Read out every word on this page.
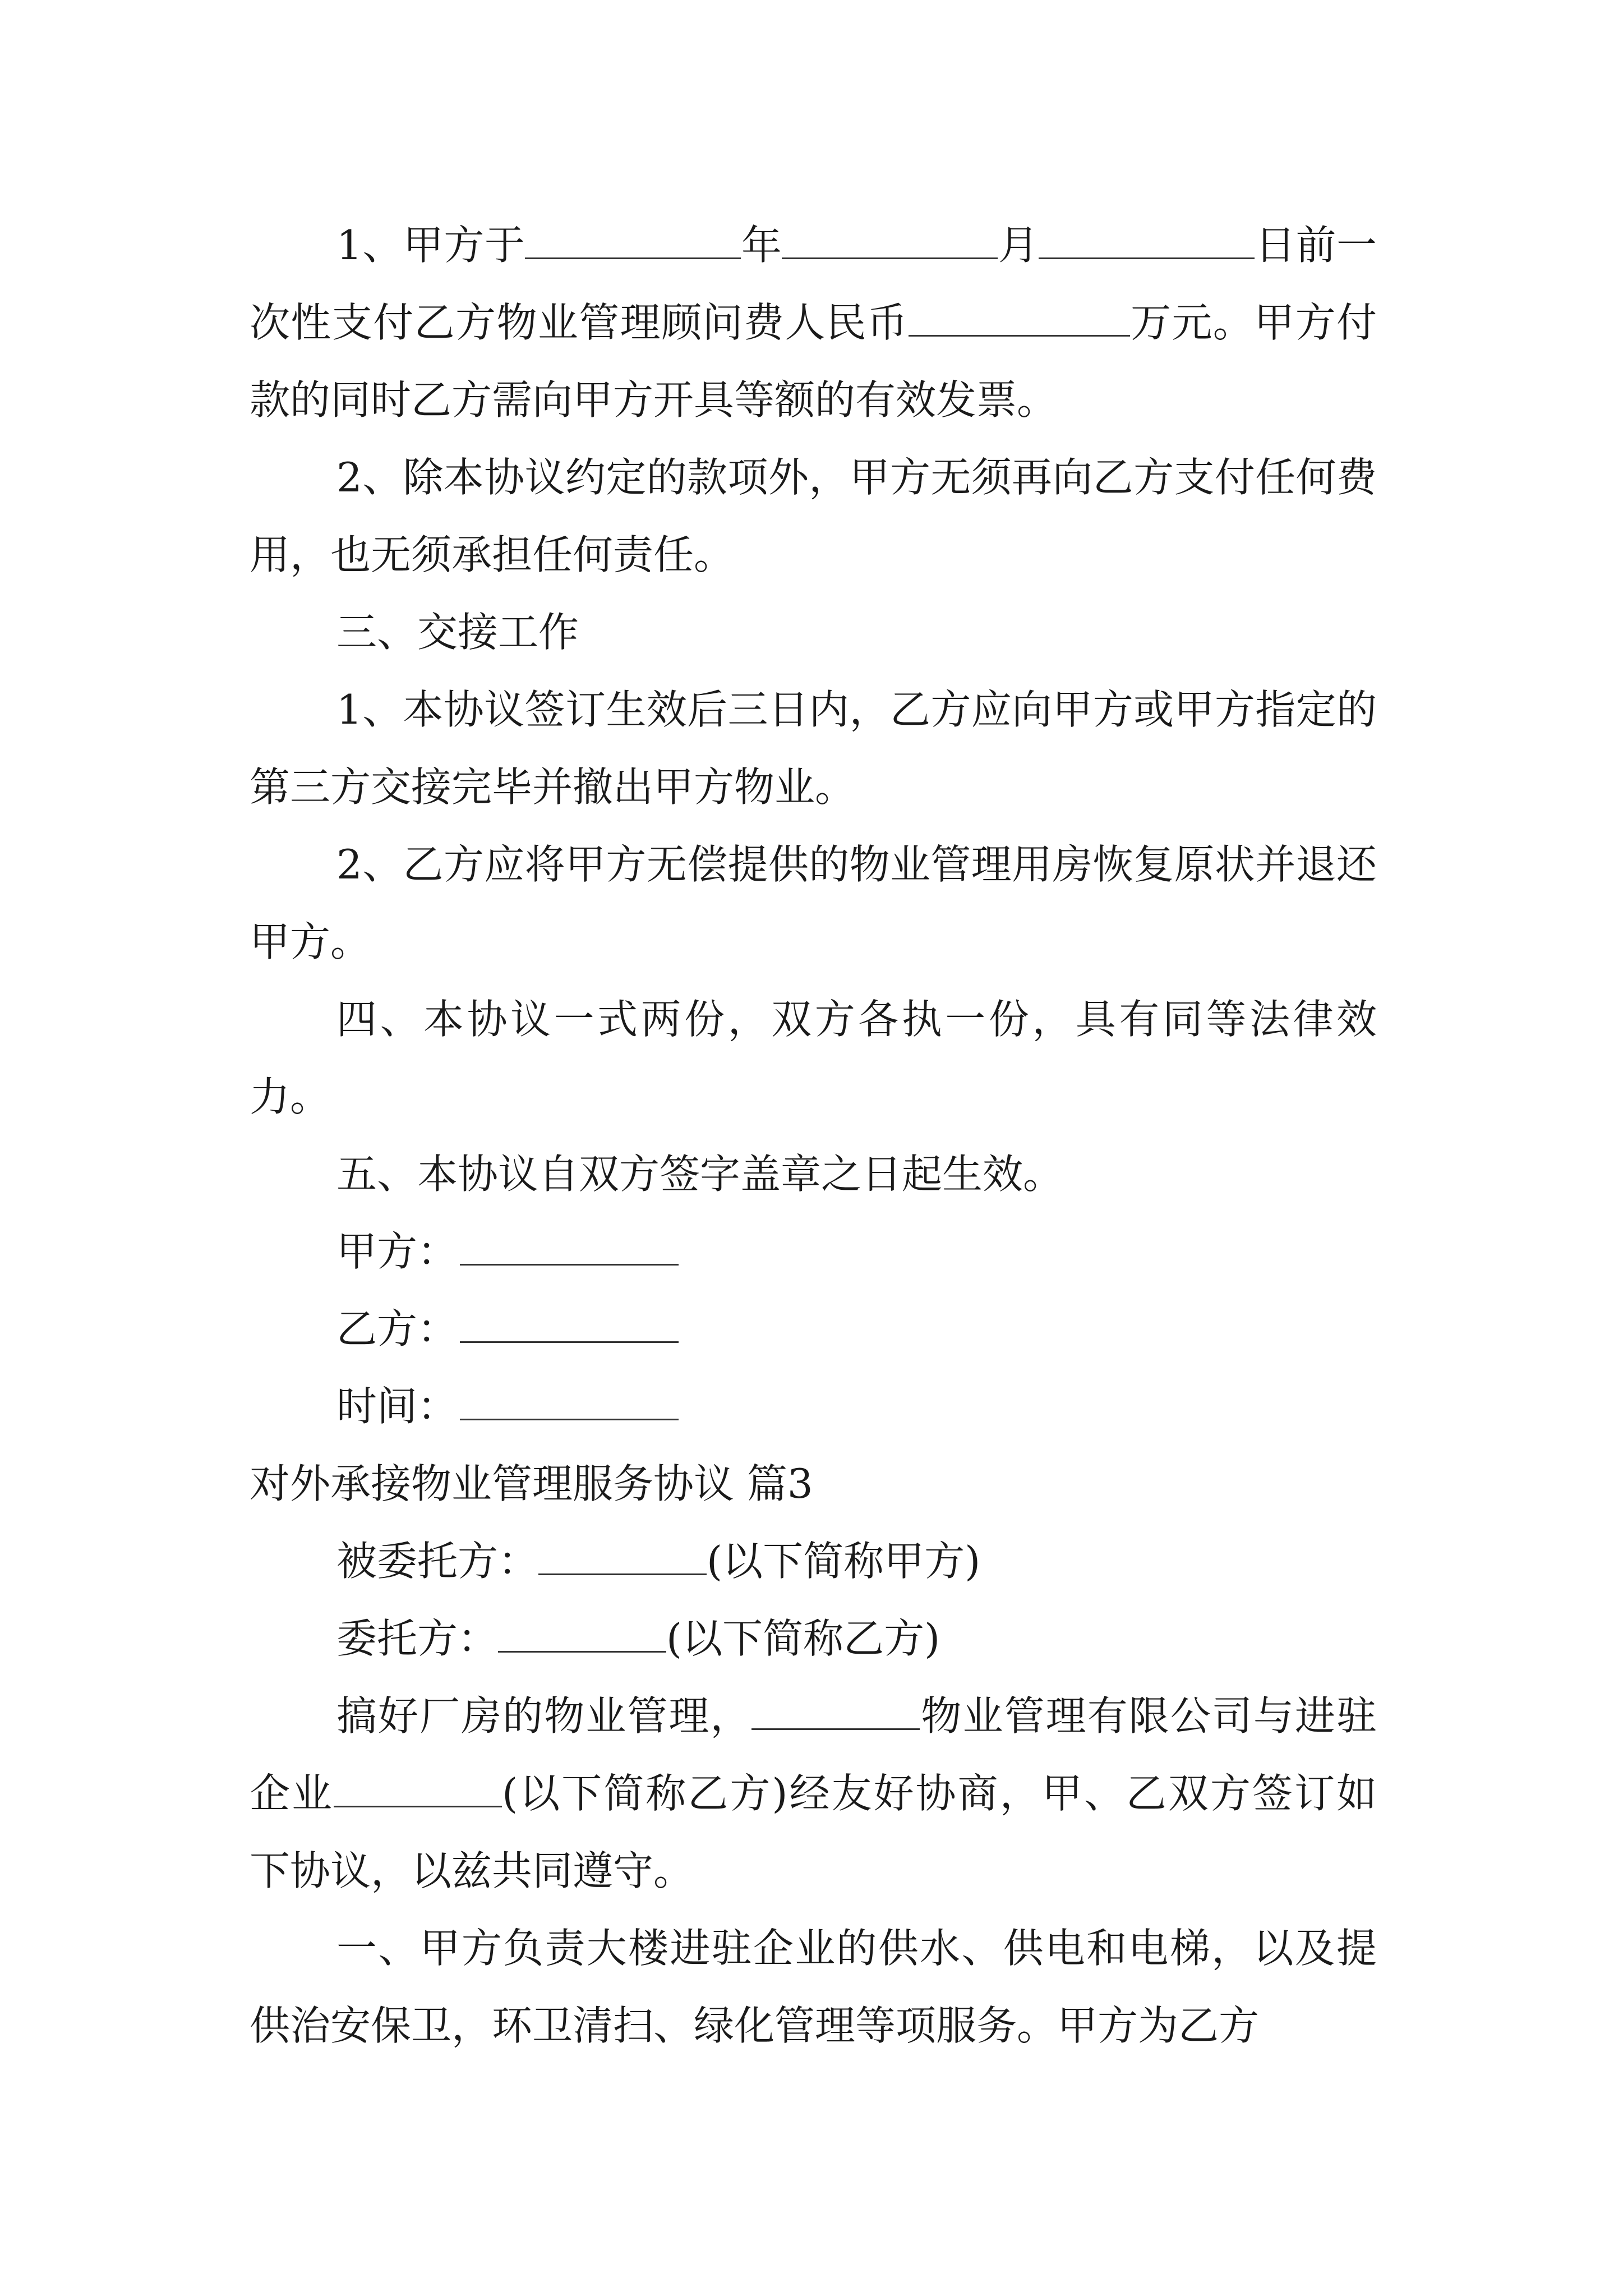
1、甲方于	年	月	日前一次性支付乙方物业管理顾问费人民币	万元。甲方付款的同时乙方需向甲方开具等额的有效发票。

2、除本协议约定的款项外，甲方无须再向乙方支付任何费用，也无须承担任何责任。

三、交接工作

1、本协议签订生效后三日内，乙方应向甲方或甲方指定的第三方交接完毕并撤出甲方物业。

2、乙方应将甲方无偿提供的物业管理用房恢复原状并退还甲方。

四、本协议一式两份，双方各执一份，具有同等法律效力。

五、本协议自双方签字盖章之日起生效。

甲方：

乙方：

时间：

对外承接物业管理服务协议 篇3

被委托方：	(以下简称甲方)

委托方：	(以下简称乙方)

搞好厂房的物业管理，	物业管理有限公司与进驻企业	(以下简称乙方)经友好协商，甲、乙双方签订如下协议，以兹共同遵守。

一、甲方负责大楼进驻企业的供水、供电和电梯，以及提供治安保卫，环卫清扫、绿化管理等项服务。甲方为乙方
